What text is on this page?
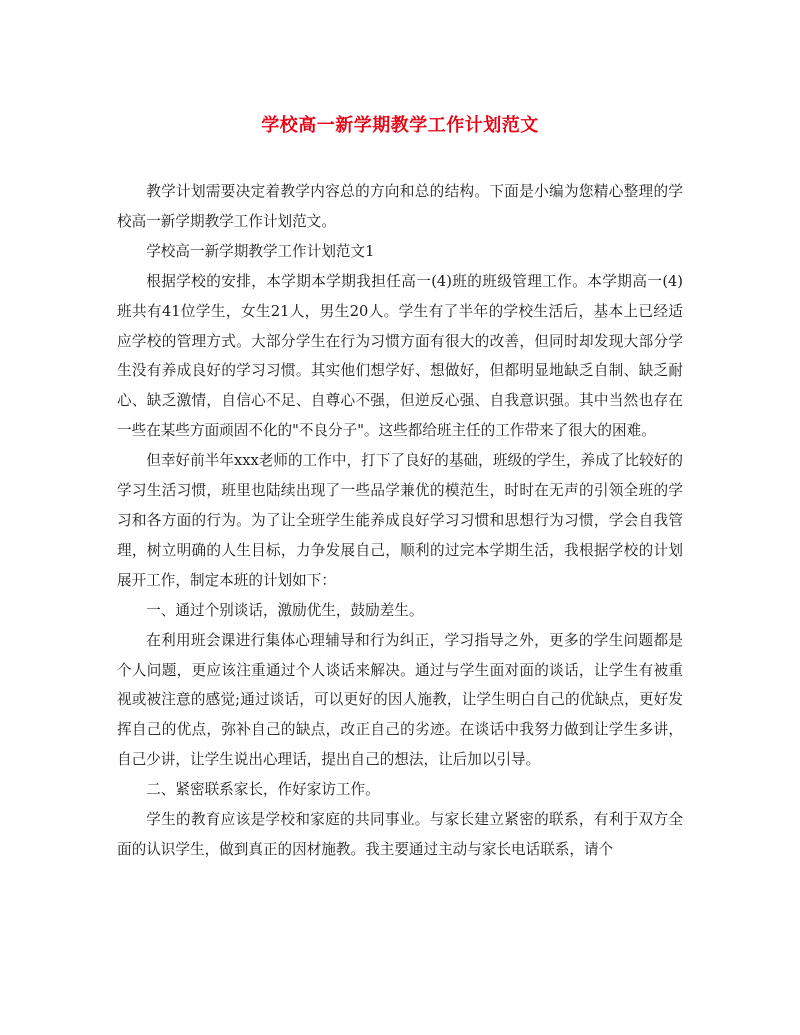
学校高一新学期教学工作计划范文

教学计划需要决定着教学内容总的方向和总的结构。下面是小编为您精心整理的学校高一新学期教学工作计划范文。

学校高一新学期教学工作计划范文1

根据学校的安排，本学期本学期我担任高一(4)班的班级管理工作。本学期高一(4)班共有41位学生，女生21人，男生20人。学生有了半年的学校生活后，基本上已经适应学校的管理方式。大部分学生在行为习惯方面有很大的改善，但同时却发现大部分学生没有养成良好的学习习惯。其实他们想学好、想做好，但都明显地缺乏自制、缺乏耐心、缺乏激情，自信心不足、自尊心不强，但逆反心强、自我意识强。其中当然也存在一些在某些方面顽固不化的"不良分子"。这些都给班主任的工作带来了很大的困难。

但幸好前半年xxx老师的工作中，打下了良好的基础，班级的学生，养成了比较好的学习生活习惯，班里也陆续出现了一些品学兼优的模范生，时时在无声的引领全班的学习和各方面的行为。为了让全班学生能养成良好学习习惯和思想行为习惯，学会自我管理，树立明确的人生目标，力争发展自己，顺利的过完本学期生活，我根据学校的计划展开工作，制定本班的计划如下：

一、通过个别谈话，激励优生，鼓励差生。

在利用班会课进行集体心理辅导和行为纠正，学习指导之外，更多的学生问题都是个人问题，更应该注重通过个人谈话来解决。通过与学生面对面的谈话，让学生有被重视或被注意的感觉;通过谈话，可以更好的因人施教，让学生明白自己的优缺点，更好发挥自己的优点，弥补自己的缺点，改正自己的劣迹。在谈话中我努力做到让学生多讲，自己少讲，让学生说出心理话，提出自己的想法，让后加以引导。

二、紧密联系家长，作好家访工作。

学生的教育应该是学校和家庭的共同事业。与家长建立紧密的联系，有利于双方全面的认识学生，做到真正的因材施教。我主要通过主动与家长电话联系，请个
